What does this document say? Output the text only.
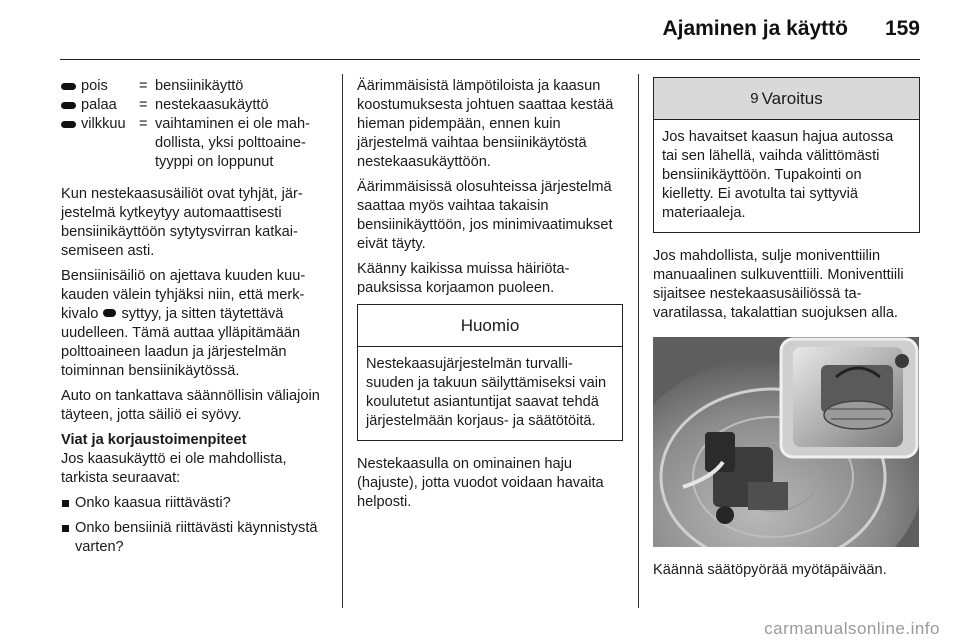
Ajaminen ja käyttö 159
pois = bensiinikäyttö
palaa = nestekaasukäyttö
vilkkuu = vaihtaminen ei ole mahdollista, yksi polttoainetyyppi on loppunut

Kun nestekaasusäiliöt ovat tyhjät, järjestelmä kytkeytyy automaattisesti bensiinikäyttöön sytytysvirran katkaisemiseen asti.

Bensiinisäiliö on ajettava kuuden kuukauden välein tyhjäksi niin, että merkkivalo syttyy, ja sitten täytettävä uudelleen. Tämä auttaa ylläpitämään polttoaineen laadun ja järjestelmän toiminnan bensiinikäytössä.

Auto on tankattava säännöllisin väliajoin täyteen, jotta säiliö ei syövy.

Viat ja korjaustoimenpiteet

Jos kaasukäyttö ei ole mahdollista, tarkista seuraavat:

Onko kaasua riittävästi?
Onko bensiiniä riittävästi käynnistystä varten?

Äärimmäisistä lämpötiloista ja kaasun koostumuksesta johtuen saattaa kestää hieman pidempään, ennen kuin järjestelmä vaihtaa bensiinikäytöstä nestekaasukäyttöön.

Äärimmäisissä olosuhteissa järjestelmä saattaa myös vaihtaa takaisin bensiinikäyttöön, jos minimivaatimukset eivät täyty.

Käänny kaikissa muissa häiriötapauksissa korjaamon puoleen.

Huomio
Nestekaasujärjestelmän turvallisuuden ja takuun säilyttämiseksi vain koulutetut asiantuntijat saavat tehdä järjestelmään korjaus- ja säätötöitä.

Nestekaasulla on ominainen haju (hajuste), jotta vuodot voidaan havaita helposti.

9 Varoitus
Jos havaitset kaasun hajua autossa tai sen lähellä, vaihda välittömästi bensiinikäyttöön. Tupakointi on kielletty. Ei avotulta tai syttyviä materiaaleja.

Jos mahdollista, sulje moniventtiilin manuaalinen sulkuventtiili. Moniventtiili sijaitsee nestekaasusäiliössä tavaratilassa, takalattian suojuksen alla.

Käännä säätöpyörää myötäpäivään.

carmanualsonline.info
